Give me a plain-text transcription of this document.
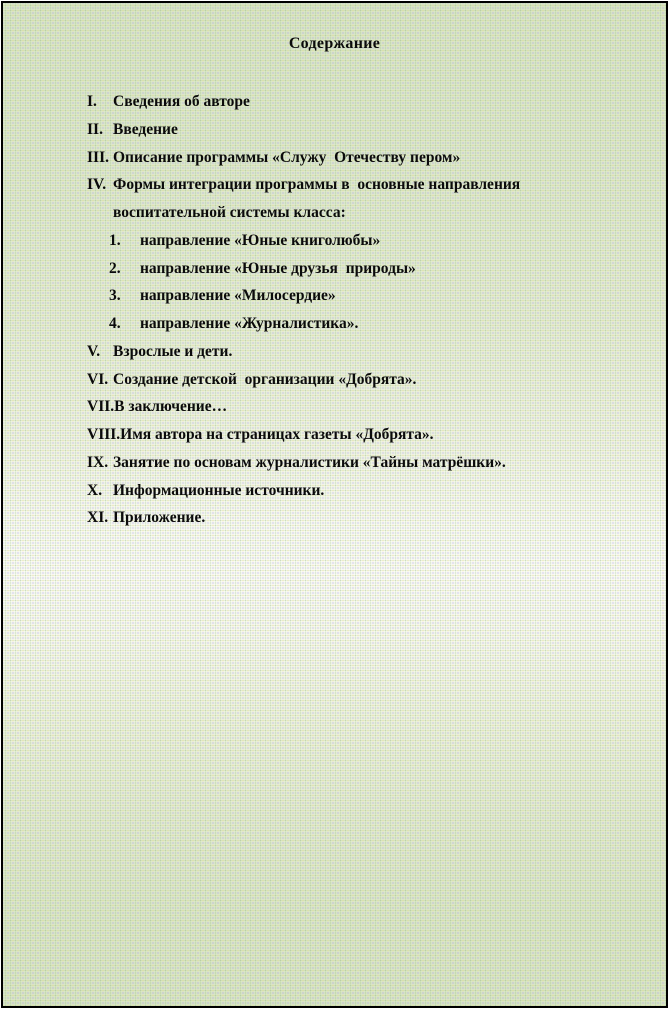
Содержание
I.	Сведения об авторе
II. Введение
III. Описание программы «Служу  Отечеству пером»
IV. Формы интеграции программы в  основные направления воспитательной системы класса:
1.	направление «Юные книголюбы»
2.	направление «Юные друзья  природы»
3.	направление «Милосердие»
4.	направление «Журналистика».
V. Взрослые и дети.
VI. Создание детской  организации «Добрята».
VII. В заключение…
VIII. Имя автора на страницах газеты «Добрята».
IX. Занятие по основам журналистики «Тайны матрёшки».
X. Информационные источники.
XI. Приложение.
